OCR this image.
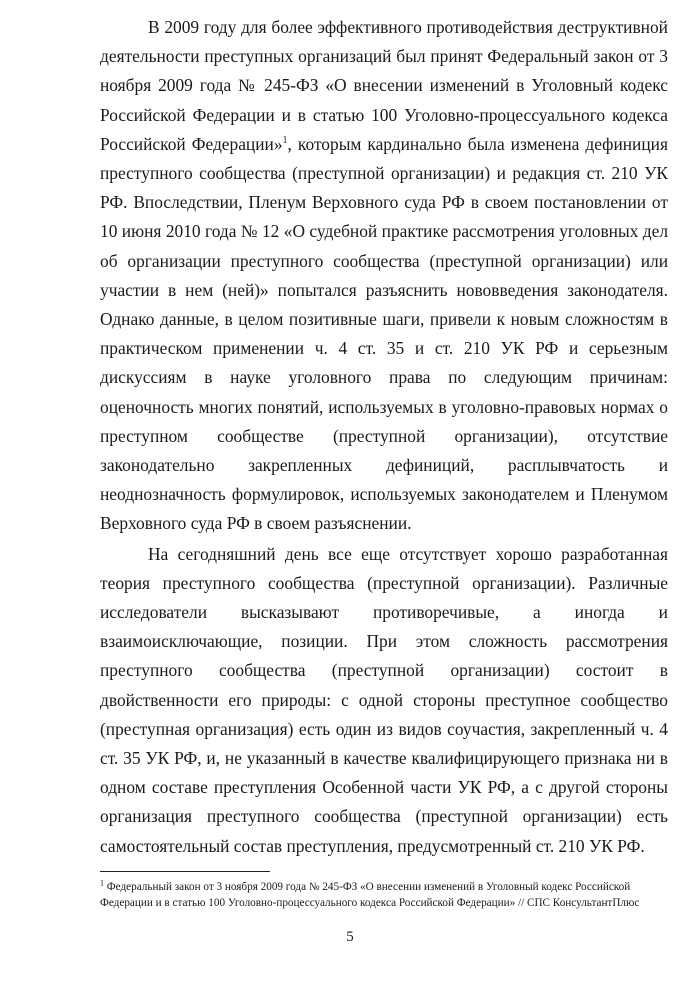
В 2009 году для более эффективного противодействия деструктивной деятельности преступных организаций был принят Федеральный закон от 3 ноября 2009 года № 245-ФЗ «О внесении изменений в Уголовный кодекс Российской Федерации и в статью 100 Уголовно-процессуального кодекса Российской Федерации»$^1$, которым кардинально была изменена дефиниция преступного сообщества (преступной организации) и редакция ст. 210 УК РФ. Впоследствии, Пленум Верховного суда РФ в своем постановлении от 10 июня 2010 года № 12 «О судебной практике рассмотрения уголовных дел об организации преступного сообщества (преступной организации) или участии в нем (ней)» попытался разъяснить нововведения законодателя. Однако данные, в целом позитивные шаги, привели к новым сложностям в практическом применении ч. 4 ст. 35 и ст. 210 УК РФ и серьезным дискуссиям в науке уголовного права по следующим причинам: оценочность многих понятий, используемых в уголовно-правовых нормах о преступном сообществе (преступной организации), отсутствие законодательно закрепленных дефиниций, расплывчатость и неоднозначность формулировок, используемых законодателем и Пленумом Верховного суда РФ в своем разъяснении.

На сегодняшний день все еще отсутствует хорошо разработанная теория преступного сообщества (преступной организации). Различные исследователи высказывают противоречивые, а иногда и взаимоисключающие, позиции. При этом сложность рассмотрения преступного сообщества (преступной организации) состоит в двойственности его природы: с одной стороны преступное сообщество (преступная организация) есть один из видов соучастия, закрепленный ч. 4 ст. 35 УК РФ, и, не указанный в качестве квалифицирующего признака ни в одном составе преступления Особенной части УК РФ, а с другой стороны организация преступного сообщества (преступной организации) есть самостоятельный состав преступления, предусмотренный ст. 210 УК РФ.

$^1$ Федеральный закон от 3 ноября 2009 года № 245-ФЗ «О внесении изменений в Уголовный кодекс Российской Федерации и в статью 100 Уголовно-процессуального кодекса Российской Федерации» // СПС КонсультантПлюс
5
